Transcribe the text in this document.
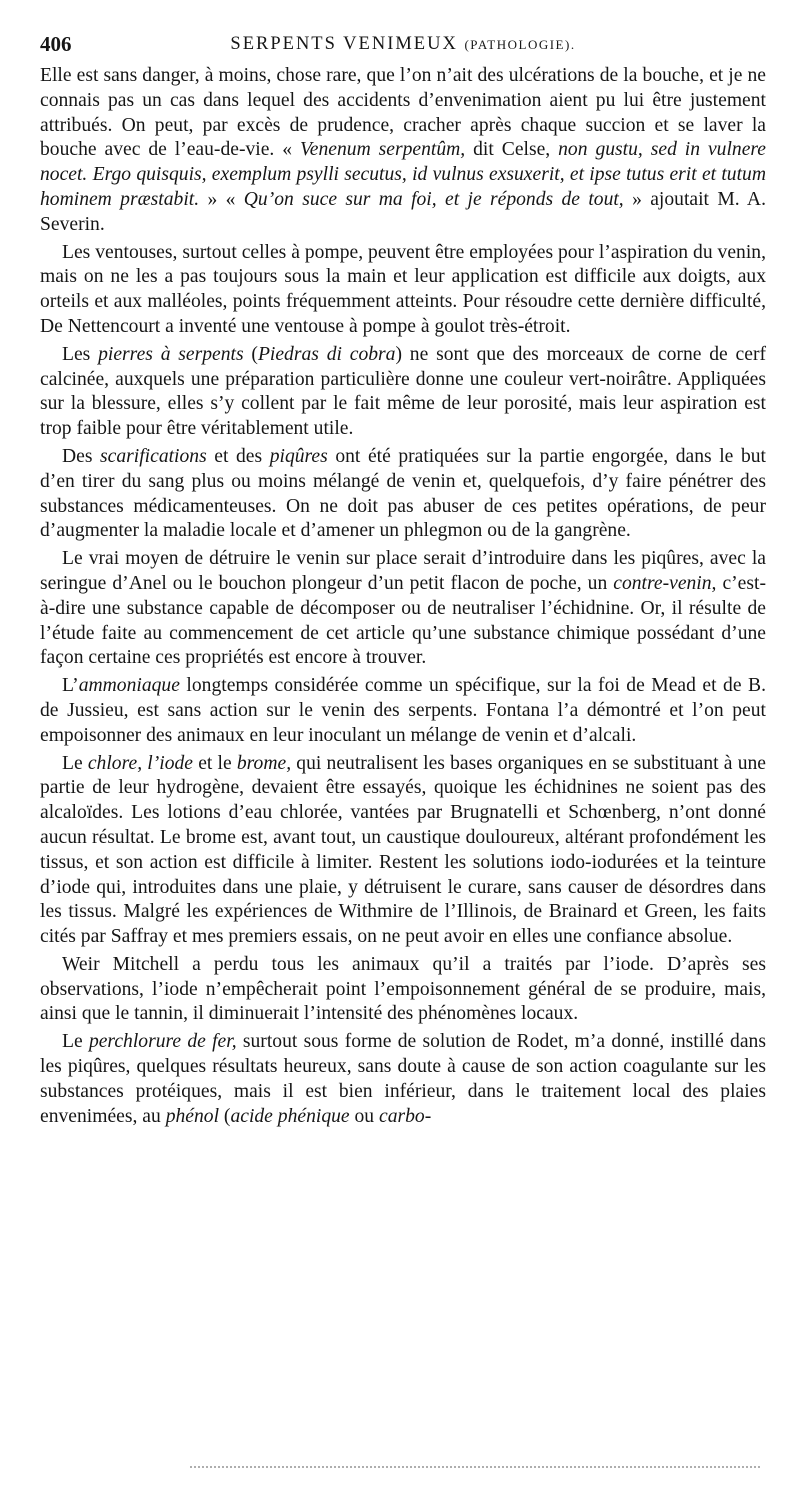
406	SERPENTS VENIMEUX (PATHOLOGIE).

Elle est sans danger, à moins, chose rare, que l’on n’ait des ulcérations de la bouche, et je ne connais pas un cas dans lequel des accidents d’envenimation aient pu lui être justement attribués. On peut, par excès de prudence, cracher après chaque succion et se laver la bouche avec de l’eau-de-vie. « Venenum serpentûm, dit Celse, non gustu, sed in vulnere nocet. Ergo quisquis, exemplum psylli secutus, id vulnus exsuxerit, et ipse tutus erit et tutum hominem præstabit. » « Qu’on suce sur ma foi, et je réponds de tout, » ajoutait M. A. Severin.

Les ventouses, surtout celles à pompe, peuvent être employées pour l’aspiration du venin, mais on ne les a pas toujours sous la main et leur application est difficile aux doigts, aux orteils et aux malléoles, points fréquemment atteints. Pour résoudre cette dernière difficulté, De Nettencourt a inventé une ventouse à pompe à goulot très-étroit.

Les pierres à serpents (Piedras di cobra) ne sont que des morceaux de corne de cerf calcinée, auxquels une préparation particulière donne une couleur vert-noirâtre. Appliquées sur la blessure, elles s’y collent par le fait même de leur porosité, mais leur aspiration est trop faible pour être véritablement utile.

Des scarifications et des piqûres ont été pratiquées sur la partie engorgée, dans le but d’en tirer du sang plus ou moins mélangé de venin et, quelquefois, d’y faire pénétrer des substances médicamenteuses. On ne doit pas abuser de ces petites opérations, de peur d’augmenter la maladie locale et d’amener un phlegmon ou de la gangrène.

Le vrai moyen de détruire le venin sur place serait d’introduire dans les piqûres, avec la seringue d’Anel ou le bouchon plongeur d’un petit flacon de poche, un contre-venin, c’est-à-dire une substance capable de décomposer ou de neutraliser l’échidnine. Or, il résulte de l’étude faite au commencement de cet article qu’une substance chimique possédant d’une façon certaine ces propriétés est encore à trouver.

L’ammoniaque longtemps considérée comme un spécifique, sur la foi de Mead et de B. de Jussieu, est sans action sur le venin des serpents. Fontana l’a démontré et l’on peut empoisonner des animaux en leur inoculant un mélange de venin et d’alcali.

Le chlore, l’iode et le brome, qui neutralisent les bases organiques en se substituant à une partie de leur hydrogène, devaient être essayés, quoique les échidnines ne soient pas des alcaloïdes. Les lotions d’eau chlorée, vantées par Brugnatelli et Schœnberg, n’ont donné aucun résultat. Le brome est, avant tout, un caustique douloureux, altérant profondément les tissus, et son action est difficile à limiter. Restent les solutions iodo-iodurées et la teinture d’iode qui, introduites dans une plaie, y détruisent le curare, sans causer de désordres dans les tissus. Malgré les expériences de Withmire de l’Illinois, de Brainard et Green, les faits cités par Saffray et mes premiers essais, on ne peut avoir en elles une confiance absolue.

Weir Mitchell a perdu tous les animaux qu’il a traités par l’iode. D’après ses observations, l’iode n’empêcherait point l’empoisonnement général de se produire, mais, ainsi que le tannin, il diminuerait l’intensité des phénomènes locaux.

Le perchlorure de fer, surtout sous forme de solution de Rodet, m’a donné, instillé dans les piqûres, quelques résultats heureux, sans doute à cause de son action coagulante sur les substances protéiques, mais il est bien inférieur, dans le traitement local des plaies envenimées, au phénol (acide phénique ou carbo-
